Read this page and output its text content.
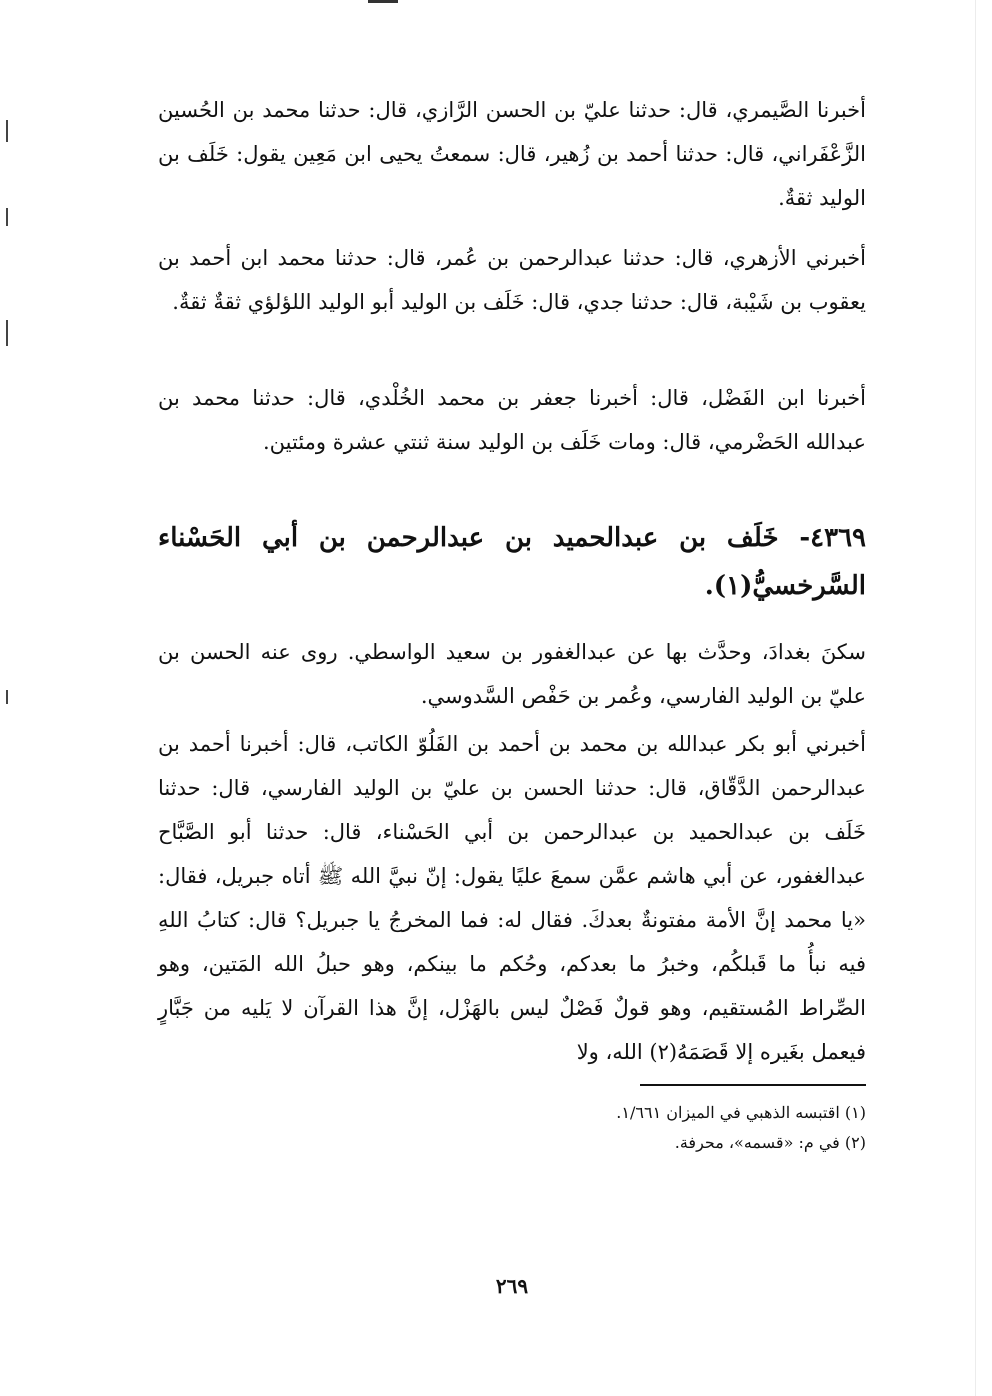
أخبرنا الصَّيمري، قال: حدثنا عليّ بن الحسن الرَّازي، قال: حدثنا محمد بن الحُسين الزَّعْفَراني، قال: حدثنا أحمد بن زُهير، قال: سمعتُ يحيى ابن مَعِين يقول: خَلَف بن الوليد ثقةٌ.

أخبرني الأزهري، قال: حدثنا عبدالرحمن بن عُمر، قال: حدثنا محمد ابن أحمد بن يعقوب بن شَيْبة، قال: حدثنا جدي، قال: خَلَف بن الوليد أبو الوليد اللؤلؤي ثقةٌ ثقةٌ.

أخبرنا ابن الفَضْل، قال: أخبرنا جعفر بن محمد الخُلْدي، قال: حدثنا محمد بن عبدالله الحَضْرمي، قال: ومات خَلَف بن الوليد سنة ثنتي عشرة ومئتين.

٤٣٦٩- خَلَف بن عبدالحميد بن عبدالرحمن بن أبي الحَسْناء السَّرخسيُّ(١).

سكنَ بغدادَ، وحدَّث بها عن عبدالغفور بن سعيد الواسطي. روى عنه الحسن بن عليّ بن الوليد الفارسي، وعُمر بن حَفْص السَّدوسي.

أخبرني أبو بكر عبدالله بن محمد بن أحمد بن الفَلُوّ الكاتب، قال: أخبرنا أحمد بن عبدالرحمن الدَّقّاق، قال: حدثنا الحسن بن عليّ بن الوليد الفارسي، قال: حدثنا خَلَف بن عبدالحميد بن عبدالرحمن بن أبي الحَسْناء، قال: حدثنا أبو الصَّبَّاح عبدالغفور، عن أبي هاشم عمَّن سمعَ عليًا يقول: إنّ نبيَّ الله ﷺ أتاه جبريل، فقال: «يا محمد إنَّ الأمة مفتونةٌ بعدكَ. فقال له: فما المخرجُ يا جبريل؟ قال: كتابُ اللهِ فيه نبأُ ما قَبلكُم، وخبرُ ما بعدكم، وحُكم ما بينكم، وهو حبلُ الله المَتين، وهو الصِّراط المُستقيم، وهو قولٌ فَصْلٌ ليس بالهَزْل، إنَّ هذا القرآن لا يَليه من جَبَّارٍ فيعمل بغَيره إلا قَصَمَهُ(٢) الله، ولا

(١) اقتبسه الذهبي في الميزان ١/٦٦١.
(٢) في م: «قسمه»، محرفة.
٢٦٩
